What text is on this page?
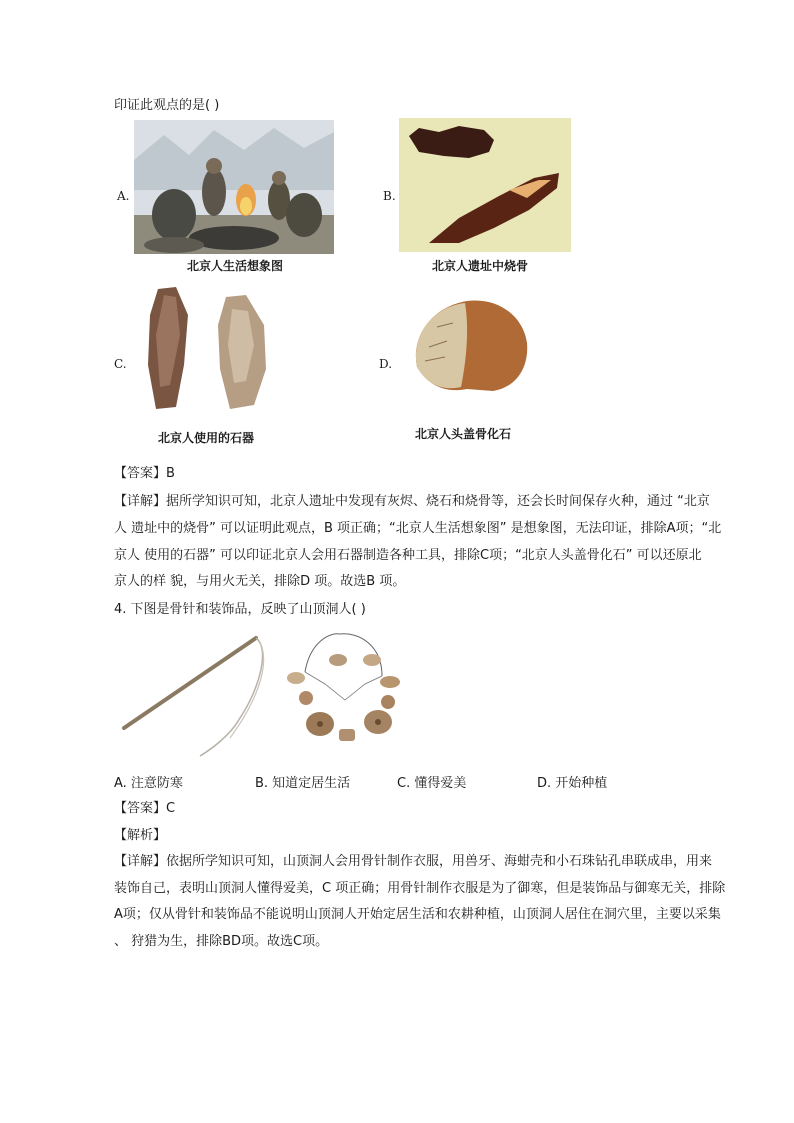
印证此观点的是( )
A.
北京人生活想象图
B.
北京人遗址中烧骨
C.
北京人使用的石器
D.
北京人头盖骨化石
【答案】B
【详解】据所学知识可知，北京人遗址中发现有灰烬、烧石和烧骨等，还会长时间保存火种，通过 “北京
人 遗址中的烧骨” 可以证明此观点，B 项正确；“北京人生活想象图” 是想象图，无法印证，排除A项；“北
京人 使用的石器” 可以印证北京人会用石器制造各种工具，排除C项；“北京人头盖骨化石” 可以还原北
京人的样 貌，与用火无关，排除D 项。故选B 项。
4. 下图是骨针和装饰品，反映了山顶洞人( )
A. 注意防寒	B. 知道定居生活	C. 懂得爱美	D. 开始种植
【答案】C
【解析】
【详解】依据所学知识可知，山顶洞人会用骨针制作衣服，用兽牙、海蚶壳和小石珠钻孔串联成串，用来
装饰自己，表明山顶洞人懂得爱美，C 项正确；用骨针制作衣服是为了御寒，但是装饰品与御寒无关，排除
A项；仅从骨针和装饰品不能说明山顶洞人开始定居生活和农耕种植，山顶洞人居住在洞穴里，主要以采集
、 狩猎为生，排除BD项。故选C项。
